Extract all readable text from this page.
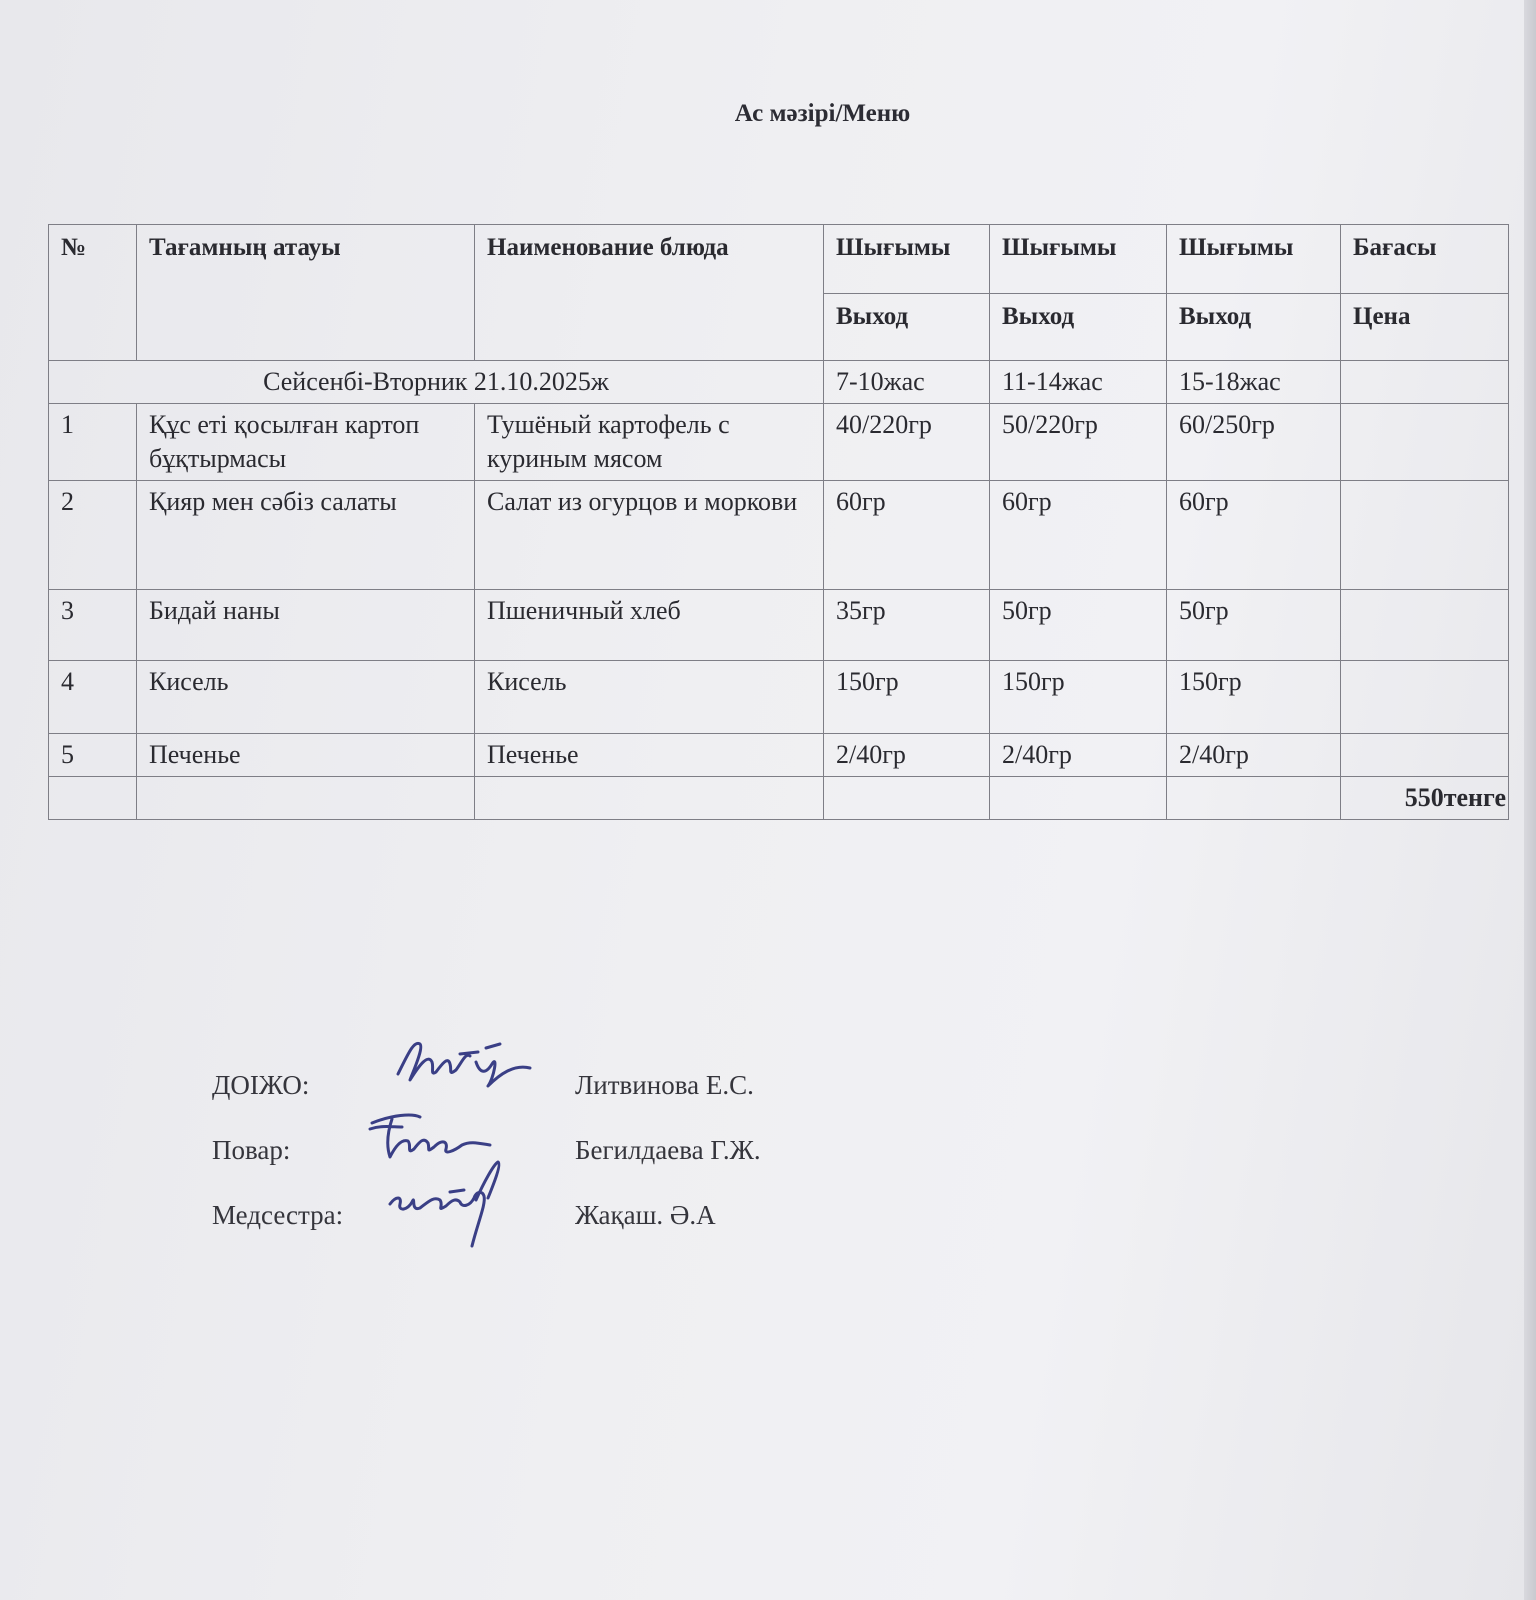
Ас мәзірі/Меню
№	Тағамның атауы	Наименование блюда	Шығымы	Шығымы	Шығымы	Бағасы
			Выход	Выход	Выход	Цена
Сейсенбі-Вторник 21.10.2025ж			7-10жас	11-14жас	15-18жас	
1	Құс еті қосылған картоп бұқтырмасы	Тушёный картофель с куриным мясом	40/220гр	50/220гр	60/250гр	
2	Қияр мен сәбіз салаты	Салат из огурцов и моркови	60гр	60гр	60гр	
3	Бидай наны	Пшеничный хлеб	35гр	50гр	50гр	
4	Кисель	Кисель	150гр	150гр	150гр	
5	Печенье	Печенье	2/40гр	2/40гр	2/40гр	
						550тенге
ДОІЖО:	Литвинова Е.С.
Повар:	Бегилдаева Г.Ж.
Медсестра:	Жақаш. Ә.А
